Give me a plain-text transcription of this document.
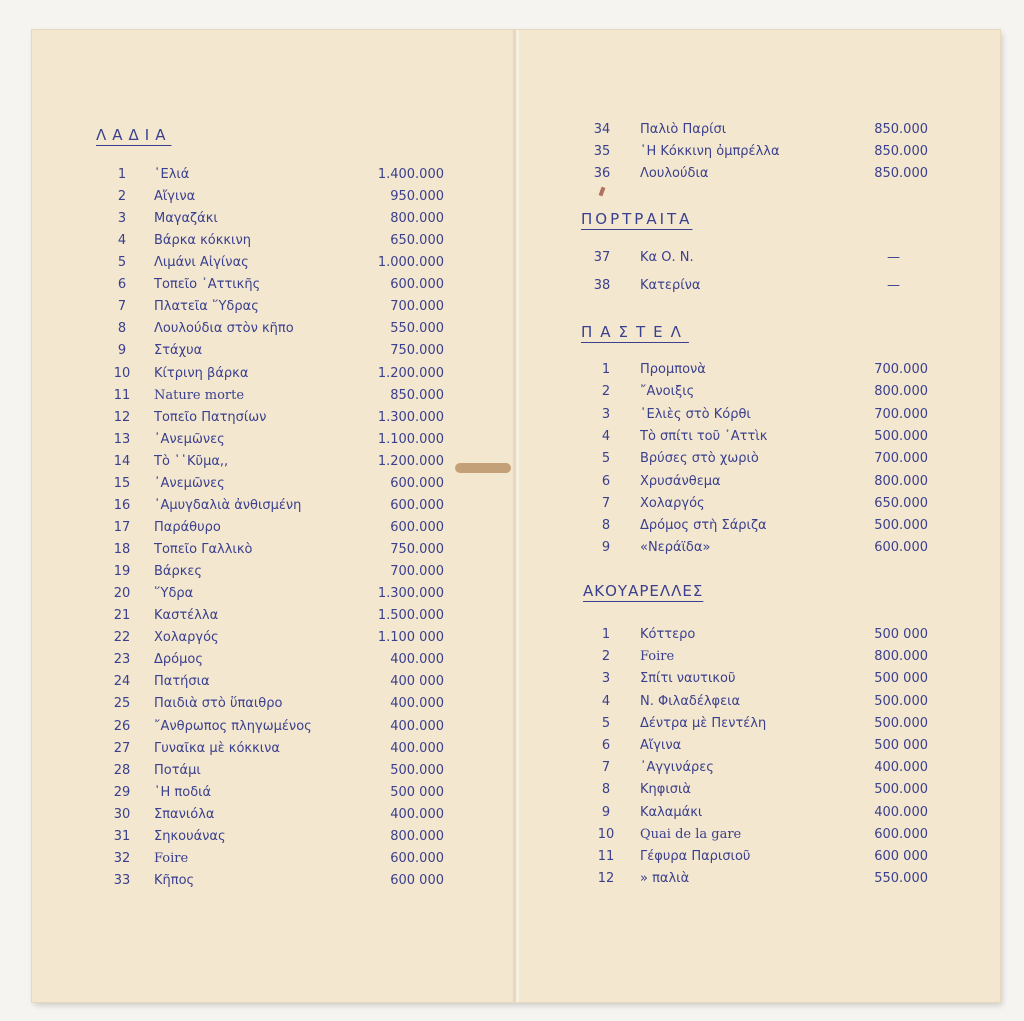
ΛΑΔΙΑ
ΠΟΡΤΡΑΙΤΑ
ΠΑΣΤΕΛ
ΑΚΟΥΑΡΕΛΛΕΣ
1	῾Ελιά	1.400.000
2	Αἴγινα	950.000
3	Μαγαζάκι	800.000
4	Βάρκα κόκκινη	650.000
5	Λιμάνι Αἰγίνας	1.000.000
6	Τοπεῖο ᾿Αττικῆς	600.000
7	Πλατεῖα ῞Υδρας	700.000
8	Λουλούδια στὸν κῆπο	550.000
9	Στάχυα	750.000
10 Κίτρινη βάρκα	1.200.000
11 Nature morte	850.000
12 Τοπεῖο Πατησίων	1.300.000
13 ᾿Ανεμῶνες	1.100.000
14 Τὸ ῾῾Κῦμα,,	1.200.000
15 ᾿Ανεμῶνες	600.000
16 ᾿Αμυγδαλιὰ ἀνθισμένη	600.000
17 Παράθυρο	600.000
18 Τοπεῖο Γαλλικὸ	750.000
19 Βάρκες	700.000
20 ῞Υδρα	1.300.000
21 Καστέλλα	1.500.000
22 Χολαργός	1.100 000
23 Δρόμος	400.000
24 Πατήσια	400 000
25 Παιδιὰ στὸ ὕπαιθρο	400.000
26 ῎Ανθρωπος πληγωμένος	400.000
27 Γυναῖκα μὲ κόκκινα	400.000
28 Ποτάμι	500.000
29 ῾Η ποδιά	500 000
30 Σπανιόλα	400.000
31 Σηκουάνας	800.000
32 Foire	600.000
33 Κῆπος	600 000
34 Παλιὸ Παρίσι	850.000
35 ῾Η Κόκκινη ὀμπρέλλα	850.000
36 Λουλούδια	850.000
37 Κα Ο. Ν.	—
38 Κατερίνα	—
1	Προμπονὰ	700.000
2	῎Ανοιξις	800.000
3	῾Ελιὲς στὸ Κόρθι	700.000
4	Τὸ σπίτι τοῦ ᾿Αττὶκ	500.000
5	Βρύσες στὸ χωριὸ	700.000
6	Χρυσάνθεμα	800.000
7	Χολαργός	650.000
8	Δρόμος στὴ Σάριζα	500.000
9	«Νεράϊδα»	600.000
1	Κόττερο	500 000
2	Foire	800.000
3	Σπίτι ναυτικοῦ	500 000
4	Ν. Φιλαδέλφεια	500.000
5	Δέντρα μὲ Πεντέλη	500.000
6	Αἴγινα	500 000
7	᾿Αγγινάρες	400.000
8	Κηφισιὰ	500.000
9	Καλαμάκι	400.000
10 Quai de la gare	600.000
11 Γέφυρα Παρισιοῦ	600 000
12 » παλιὰ	550.000
